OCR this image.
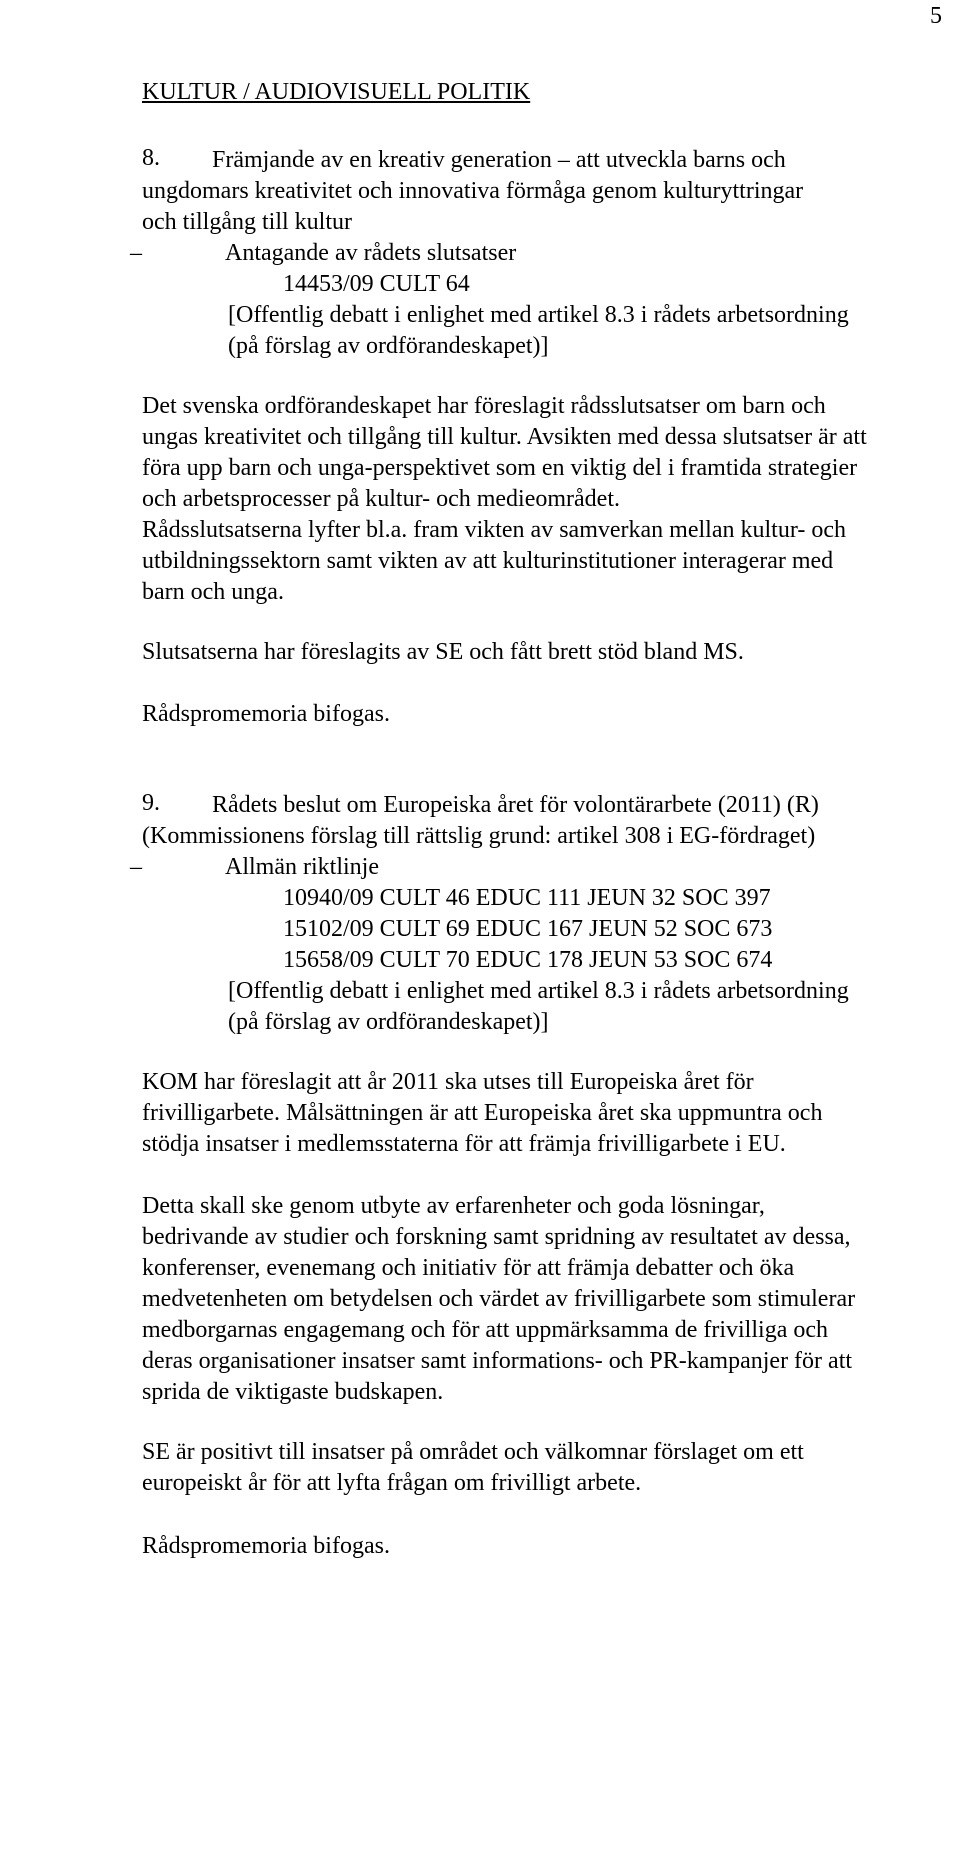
5
KULTUR / AUDIOVISUELL POLITIK
8. Främjande av en kreativ generation – att utveckla barns och
ungdomars kreativitet och innovativa förmåga genom kulturyttringar
och tillgång till kultur
–	Antagande av rådets slutsatser
14453/09 CULT 64
[Offentlig debatt i enlighet med artikel 8.3 i rådets arbetsordning
(på förslag av ordförandeskapet)]
Det svenska ordförandeskapet har föreslagit rådsslutsatser om barn och
ungas kreativitet och tillgång till kultur. Avsikten med dessa slutsatser är att
föra upp barn och unga-perspektivet som en viktig del i framtida strategier
och arbetsprocesser på kultur- och medieområdet.
Rådsslutsatserna lyfter bl.a. fram vikten av samverkan mellan kultur- och
utbildningssektorn samt vikten av att kulturinstitutioner interagerar med
barn och unga.
Slutsatserna har föreslagits av SE och fått brett stöd bland MS.
Rådspromemoria bifogas.
9. Rådets beslut om Europeiska året för volontärarbete (2011) (R)
(Kommissionens förslag till rättslig grund: artikel 308 i EG-fördraget)
–	Allmän riktlinje
10940/09 CULT 46 EDUC 111 JEUN 32 SOC 397
15102/09 CULT 69 EDUC 167 JEUN 52 SOC 673
15658/09 CULT 70 EDUC 178 JEUN 53 SOC 674
[Offentlig debatt i enlighet med artikel 8.3 i rådets arbetsordning
(på förslag av ordförandeskapet)]
KOM har föreslagit att år 2011 ska utses till Europeiska året för
frivilligarbete. Målsättningen är att Europeiska året ska uppmuntra och
stödja insatser i medlemsstaterna för att främja frivilligarbete i EU.
Detta skall ske genom utbyte av erfarenheter och goda lösningar,
bedrivande av studier och forskning samt spridning av resultatet av dessa,
konferenser, evenemang och initiativ för att främja debatter och öka
medvetenheten om betydelsen och värdet av frivilligarbete som stimulerar
medborgarnas engagemang och för att uppmärksamma de frivilliga och
deras organisationer insatser samt informations- och PR-kampanjer för att
sprida de viktigaste budskapen.
SE är positivt till insatser på området och välkomnar förslaget om ett
europeiskt år för att lyfta frågan om frivilligt arbete.
Rådspromemoria bifogas.
